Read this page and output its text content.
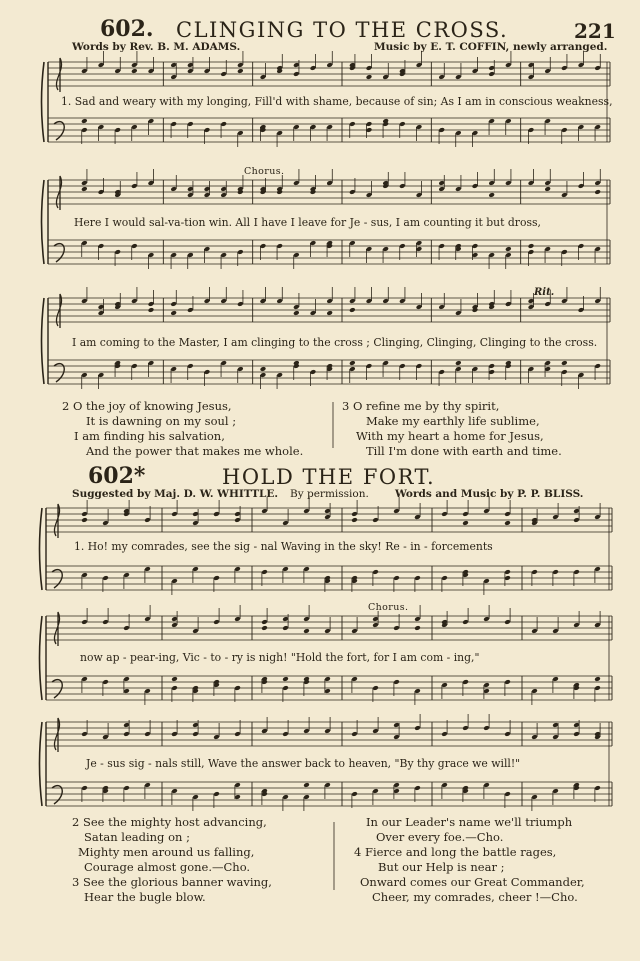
221
602. CLINGING TO THE CROSS.
Words by Rev. B. M. ADAMS.	Music by E. T. COFFIN, newly arranged.
1. Sad and weary with my longing, Fill'd with shame, because of sin; As I am in conscious weakness,
Chorus.
Here I would sal-va-tion win. All I have I leave for Je - sus, I am counting it but dross,
Rit.
I am coming to the Master, I am clinging to the cross ; Clinging, Clinging, Clinging to the cross.
2 O the joy of knowing Jesus,
It is dawning on my soul ;
I am finding his salvation,
And the power that makes me whole.
3 O refine me by thy spirit,
Make my earthly life sublime,
With my heart a home for Jesus,
Till I'm done with earth and time.
602*	HOLD THE FORT.
Suggested by Maj. D. W. WHITTLE. By permission. Words and Music by P. P. BLISS.
1. Ho! my comrades, see the sig - nal Waving in the sky! Re - in - forcements
Chorus.
now ap - pear-ing, Vic - to - ry is nigh! "Hold the fort, for I am com - ing,"
Je - sus sig - nals still, Wave the answer back to heaven, "By thy grace we will!"
2 See the mighty host advancing,
Satan leading on ;
Mighty men around us falling,
Courage almost gone.—Cho.
3 See the glorious banner waving,
Hear the bugle blow.
In our Leader's name we'll triumph
Over every foe.—Cho.
4 Fierce and long the battle rages,
But our Help is near ;
Onward comes our Great Commander,
Cheer, my comrades, cheer !—Cho.
